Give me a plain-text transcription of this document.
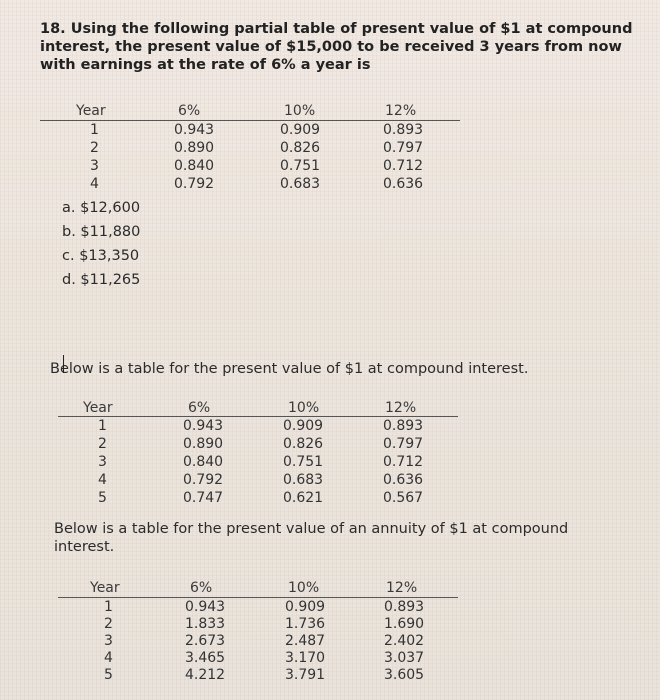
18. Using the following partial table of present value of $1 at compound interest, the present value of $15,000 to be received 3 years from now with earnings at the rate of 6% a year is
Year	6%	10%	12%
1	0.943	0.909	0.893
2	0.890	0.826	0.797
3	0.840	0.751	0.712
4	0.792	0.683	0.636
a. $12,600
b. $11,880
c. $13,350
d. $11,265
Below is a table for the present value of $1 at compound interest.
Year	6%	10%	12%
1	0.943	0.909	0.893
2	0.890	0.826	0.797
3	0.840	0.751	0.712
4	0.792	0.683	0.636
5	0.747	0.621	0.567
Below is a table for the present value of an annuity of $1 at compound interest.
Year	6%	10%	12%
1	0.943	0.909	0.893
2	1.833	1.736	1.690
3	2.673	2.487	2.402
4	3.465	3.170	3.037
5	4.212	3.791	3.605
